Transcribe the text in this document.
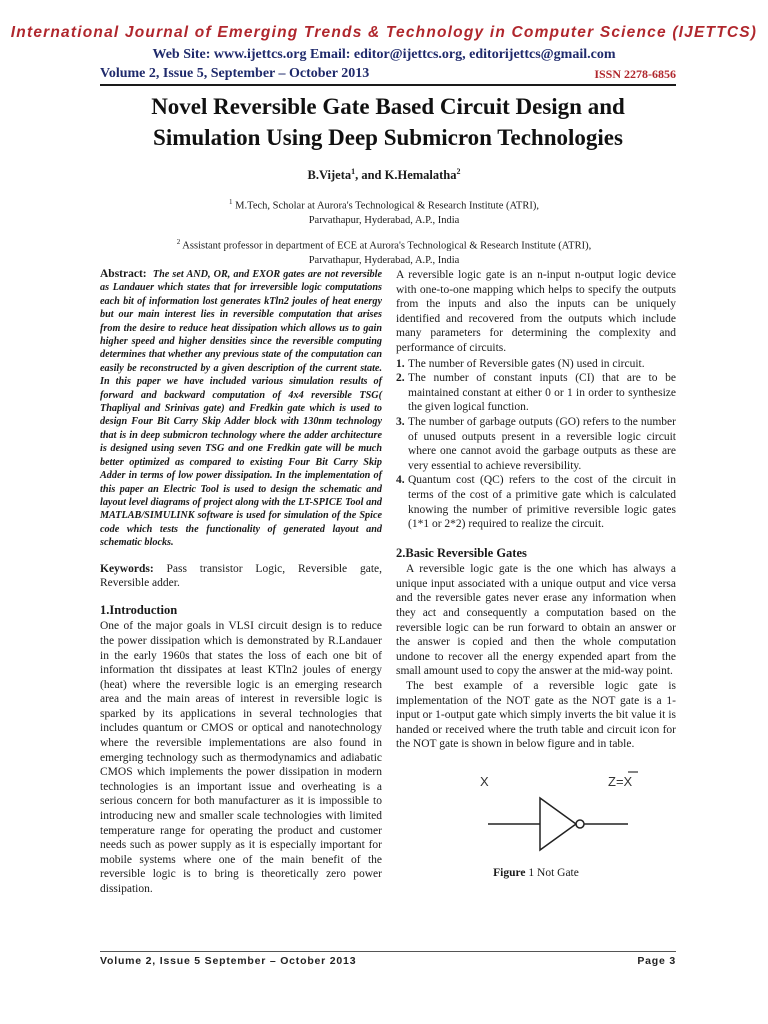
International Journal of Emerging Trends & Technology in Computer Science (IJETTCS)
Web Site: www.ijettcs.org Email: editor@ijettcs.org, editorijettcs@gmail.com
Volume 2, Issue 5, September – October 2013	ISSN 2278-6856
Novel Reversible Gate Based Circuit Design and Simulation Using Deep Submicron Technologies
B.Vijeta$^1$, and K.Hemalatha$^2$
$^1$ M.Tech, Scholar at Aurora's Technological & Research Institute (ATRI),
Parvathapur, Hyderabad, A.P., India
$^2$ Assistant professor in department of ECE at Aurora's Technological & Research Institute (ATRI),
Parvathapur, Hyderabad, A.P., India

Abstract: The set AND, OR, and EXOR gates are not reversible as Landauer which states that for irreversible logic computations each bit of information lost generates kTln2 joules of heat energy but our main interest lies in reversible computation that arises from the desire to reduce heat dissipation which allows us to gain higher speed and higher densities since the reversible computing determines that whether any previous state of the computation can easily be reconstructed by a given description of the current state. In this paper we have included various simulation results of forward and backward computation of 4x4 reversible TSG( Thapliyal and Srinivas gate) and Fredkin gate which is used to design Four Bit Carry Skip Adder block with 130nm technology that is in deep submicron technology where the adder architecture is designed using seven TSG and one Fredkin gate will be much better optimized as compared to existing Four Bit Carry Skip Adder in terms of low power dissipation. In the implementation of this paper an Electric Tool is used to design the schematic and layout level diagrams of project along with the LT-SPICE Tool and MATLAB/SIMULINK software is used for simulation of the Spice code which tests the functionality of generated layout and schematic blocks.

Keywords: Pass transistor Logic, Reversible gate, Reversible adder.

1.Introduction

One of the major goals in VLSI circuit design is to reduce the power dissipation which is demonstrated by R.Landauer in the early 1960s that states the loss of each one bit of information tht dissipates at least KTln2 joules of energy (heat) where the reversible logic is an emerging research area and the main areas of interest in reversible logic is sparked by its applications in several technologies that includes quantum or CMOS or optical and nanotechnology where the reversible implementations are also found in emerging technology such as thermodynamics and adiabatic CMOS which implements the power dissipation in modern technologies is an important issue and overheating is a serious concern for both manufacturer as it is impossible to introducing new and smaller scale technologies with limited temperature range for operating the product and customer needs such as power supply as it is especially important for mobile systems where one of the main benefit of the reversible logic is to bring is theoretically zero power dissipation.

A reversible logic gate is an n-input n-output logic device with one-to-one mapping which helps to specify the outputs from the inputs and also the inputs can be uniquely identified and recovered from the outputs which include many parameters for determining the complexity and performance of circuits.

1. The number of Reversible gates (N) used in circuit.
2. The number of constant inputs (CI) that are to be maintained constant at either 0 or 1 in order to synthesize the given logical function.
3. The number of garbage outputs (GO) refers to the number of unused outputs present in a reversible logic circuit where one cannot avoid the garbage outputs as these are very essential to achieve reversibility.
4. Quantum cost (QC) refers to the cost of the circuit in terms of the cost of a primitive gate which is calculated knowing the number of primitive reversible logic gates (1*1 or 2*2) required to realize the circuit.
2.Basic Reversible Gates

A reversible logic gate is the one which has always a unique input associated with a unique output and vice versa and the reversible gates never erase any information when they act and consequently a computation based on the reversible logic can be run forward to obtain an answer or the answer is copied and then the whole computation undone to recover all the energy expended apart from the small amount used to copy the answer at the mid-way point.

The best example of a reversible logic gate is implementation of the NOT gate as the NOT gate is a 1-input or 1-output gate which simply inverts the bit value it is handed or received where the truth table and circuit icon for the NOT gate is shown in below figure and in table.

X	Z=X
Figure 1 Not Gate
Volume 2, Issue 5 September – October 2013	Page 3
